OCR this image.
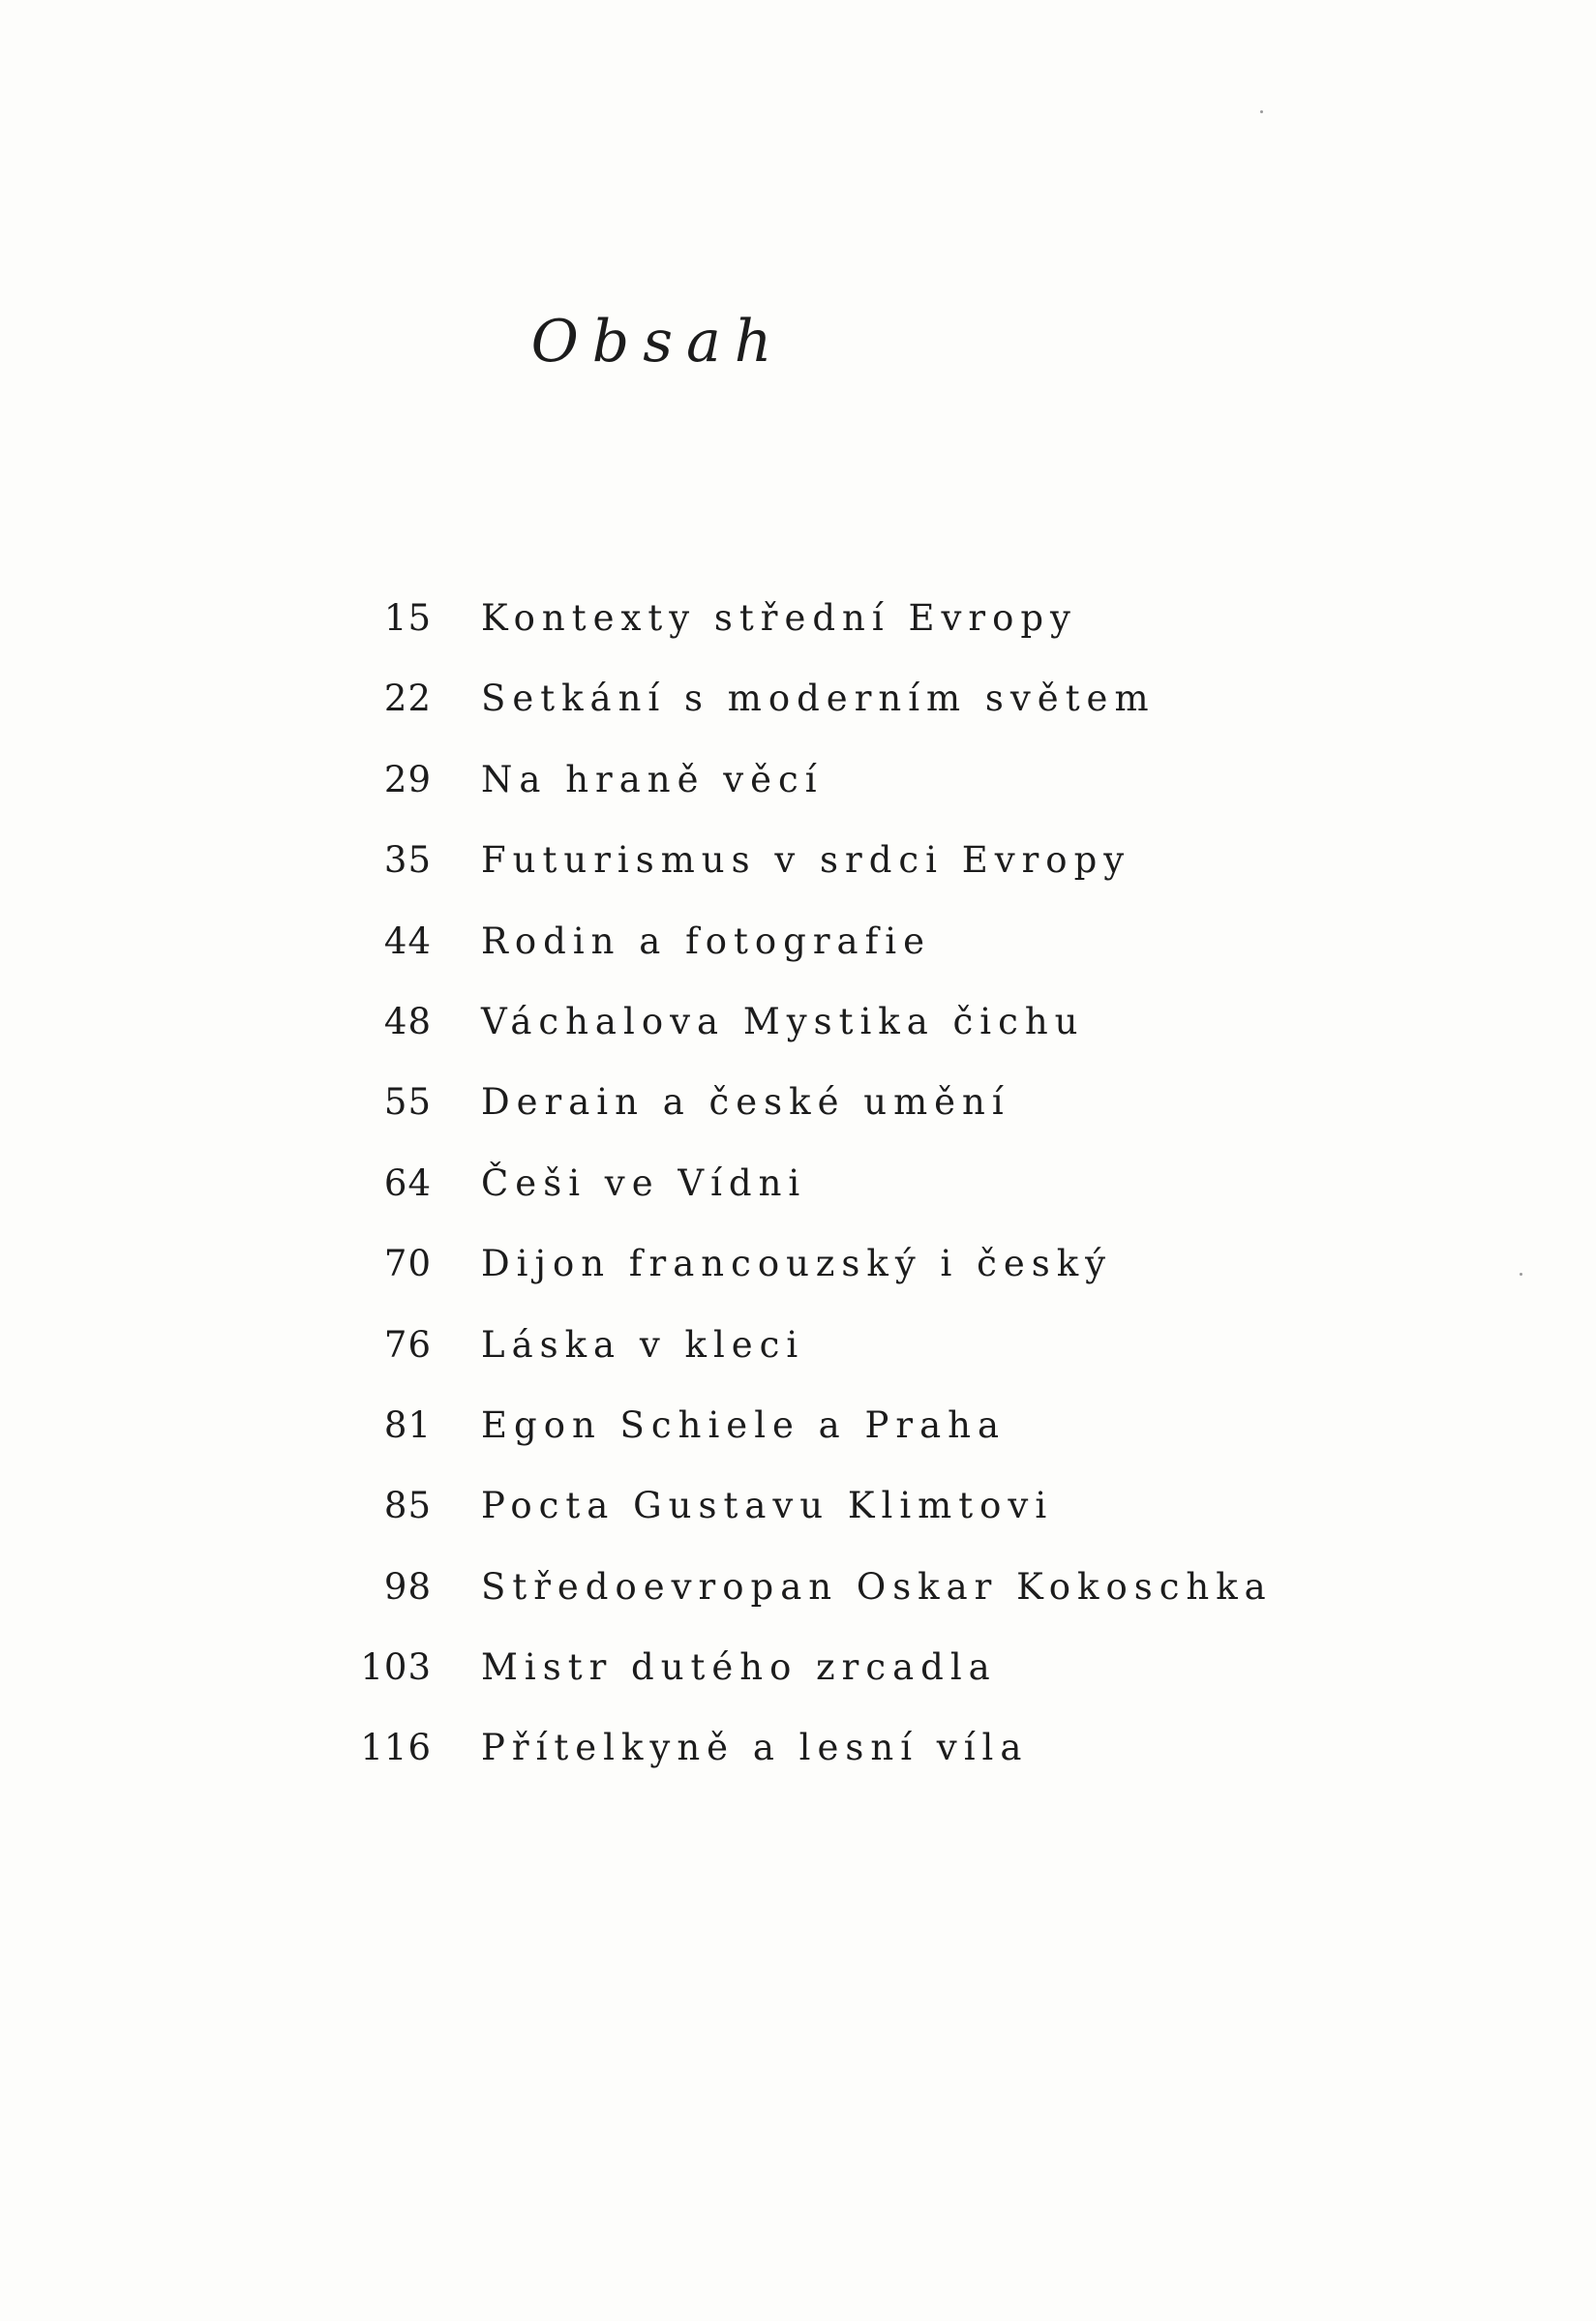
Obsah
15 Kontexty střední Evropy
22 Setkání s moderním světem
29 Na hraně věcí
35 Futurismus v srdci Evropy
44 Rodin a fotografie
48 Váchalova Mystika čichu
55 Derain a české umění
64 Češi ve Vídni
70 Dijon francouzský i český
76 Láska v kleci
81 Egon Schiele a Praha
85 Pocta Gustavu Klimtovi
98 Středoevropan Oskar Kokoschka
103 Mistr dutého zrcadla
116 Přítelkyně a lesní víla
